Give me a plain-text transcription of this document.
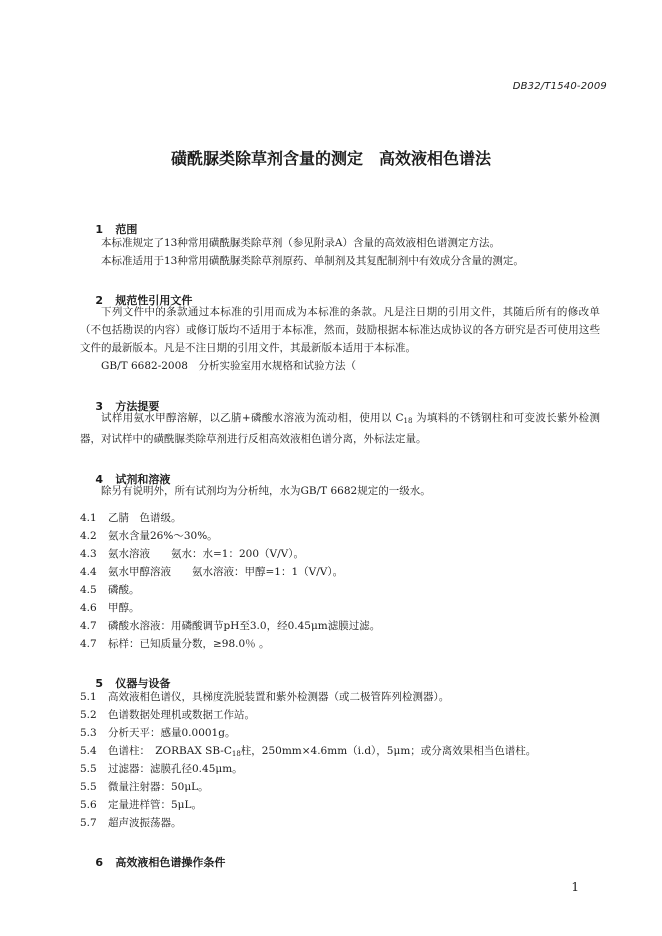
DB32/T1540-2009
磺酰脲类除草剂含量的测定　高效液相色谱法

1 范围

本标准规定了13种常用磺酰脲类除草剂（参见附录A）含量的高效液相色谱测定方法。
本标准适用于13种常用磺酰脲类除草剂原药、单制剂及其复配制剂中有效成分含量的测定。

2 规范性引用文件

下列文件中的条款通过本标准的引用而成为本标准的条款。凡是注日期的引用文件，其随后所有的修改单（不包括勘误的内容）或修订版均不适用于本标准，然而，鼓励根据本标准达成协议的各方研究是否可使用这些文件的最新版本。凡是不注日期的引用文件，其最新版本适用于本标准。
GB/T 6682-2008　分析实验室用水规格和试验方法（

3 方法提要

试样用氨水甲醇溶解，以乙腈+磷酸水溶液为流动相，使用以 $C_{18}$ 为填料的不锈钢柱和可变波长紫外检测器，对试样中的磺酰脲类除草剂进行反相高效液相色谱分离，外标法定量。

4 试剂和溶液

除另有说明外，所有试剂均为分析纯，水为GB/T 6682规定的一级水。
4.1 乙腈　色谱级。
4.2 氨水含量26%～30%。
4.3 氨水溶液　　氨水：水=1：200（V/V）。
4.4 氨水甲醇溶液　　氨水溶液：甲醇=1：1（V/V）。
4.5 磷酸。
4.6 甲醇。
4.7 磷酸水溶液：用磷酸调节pH至3.0，经0.45μm滤膜过滤。
4.7 标样：已知质量分数，≥98.0％ 。

5 仪器与设备

5.1 高效液相色谱仪，具梯度洗脱装置和紫外检测器（或二极管阵列检测器）。
5.2 色谱数据处理机或数据工作站。
5.3 分析天平：感量0.0001g。
5.4 色谱柱：　ZORBAX $SB-C_{18}$柱，250mm×4.6mm（i.d），5μm；或分离效果相当色谱柱。
5.5 过滤器：滤膜孔径0.45μm。
5.5 微量注射器：50μL。
5.6 定量进样管：5μL。
5.7 超声波振荡器。

6 高效液相色谱操作条件

1
